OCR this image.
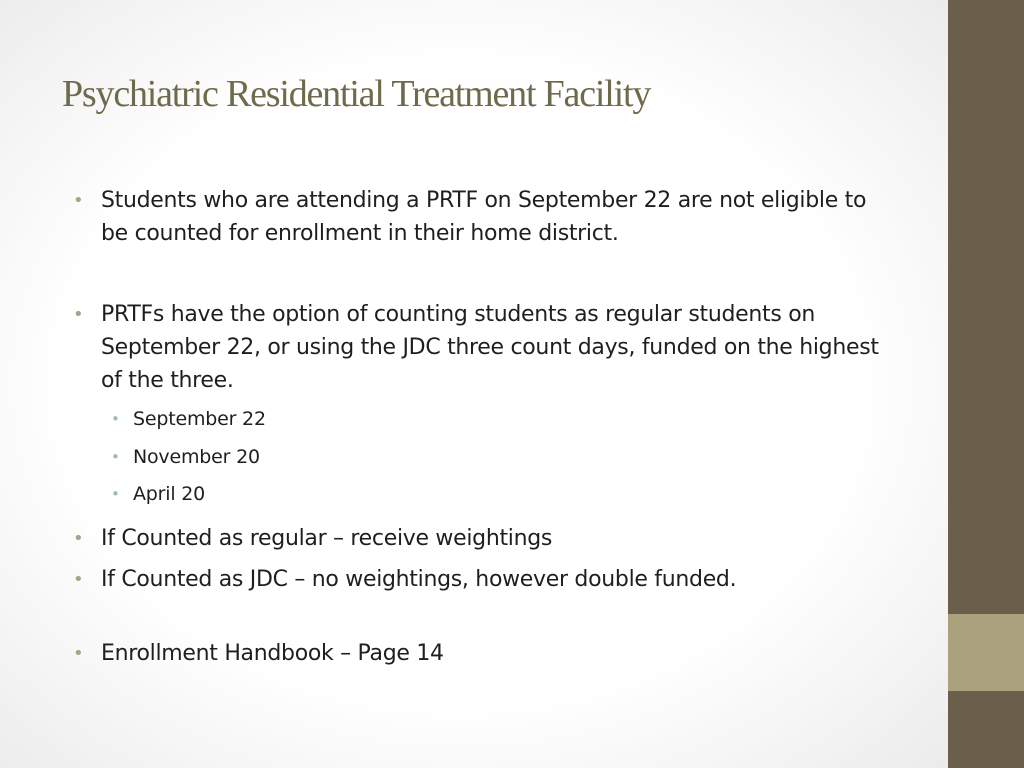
Psychiatric Residential Treatment Facility
• Students who are attending a PRTF on September 22 are not eligible to be counted for enrollment in their home district.
• PRTFs have the option of counting students as regular students on September 22, or using the JDC three count days, funded on the highest of the three.
• September 22
• November 20
• April 20
• If Counted as regular – receive weightings
• If Counted as JDC – no weightings, however double funded.
• Enrollment Handbook – Page 14
